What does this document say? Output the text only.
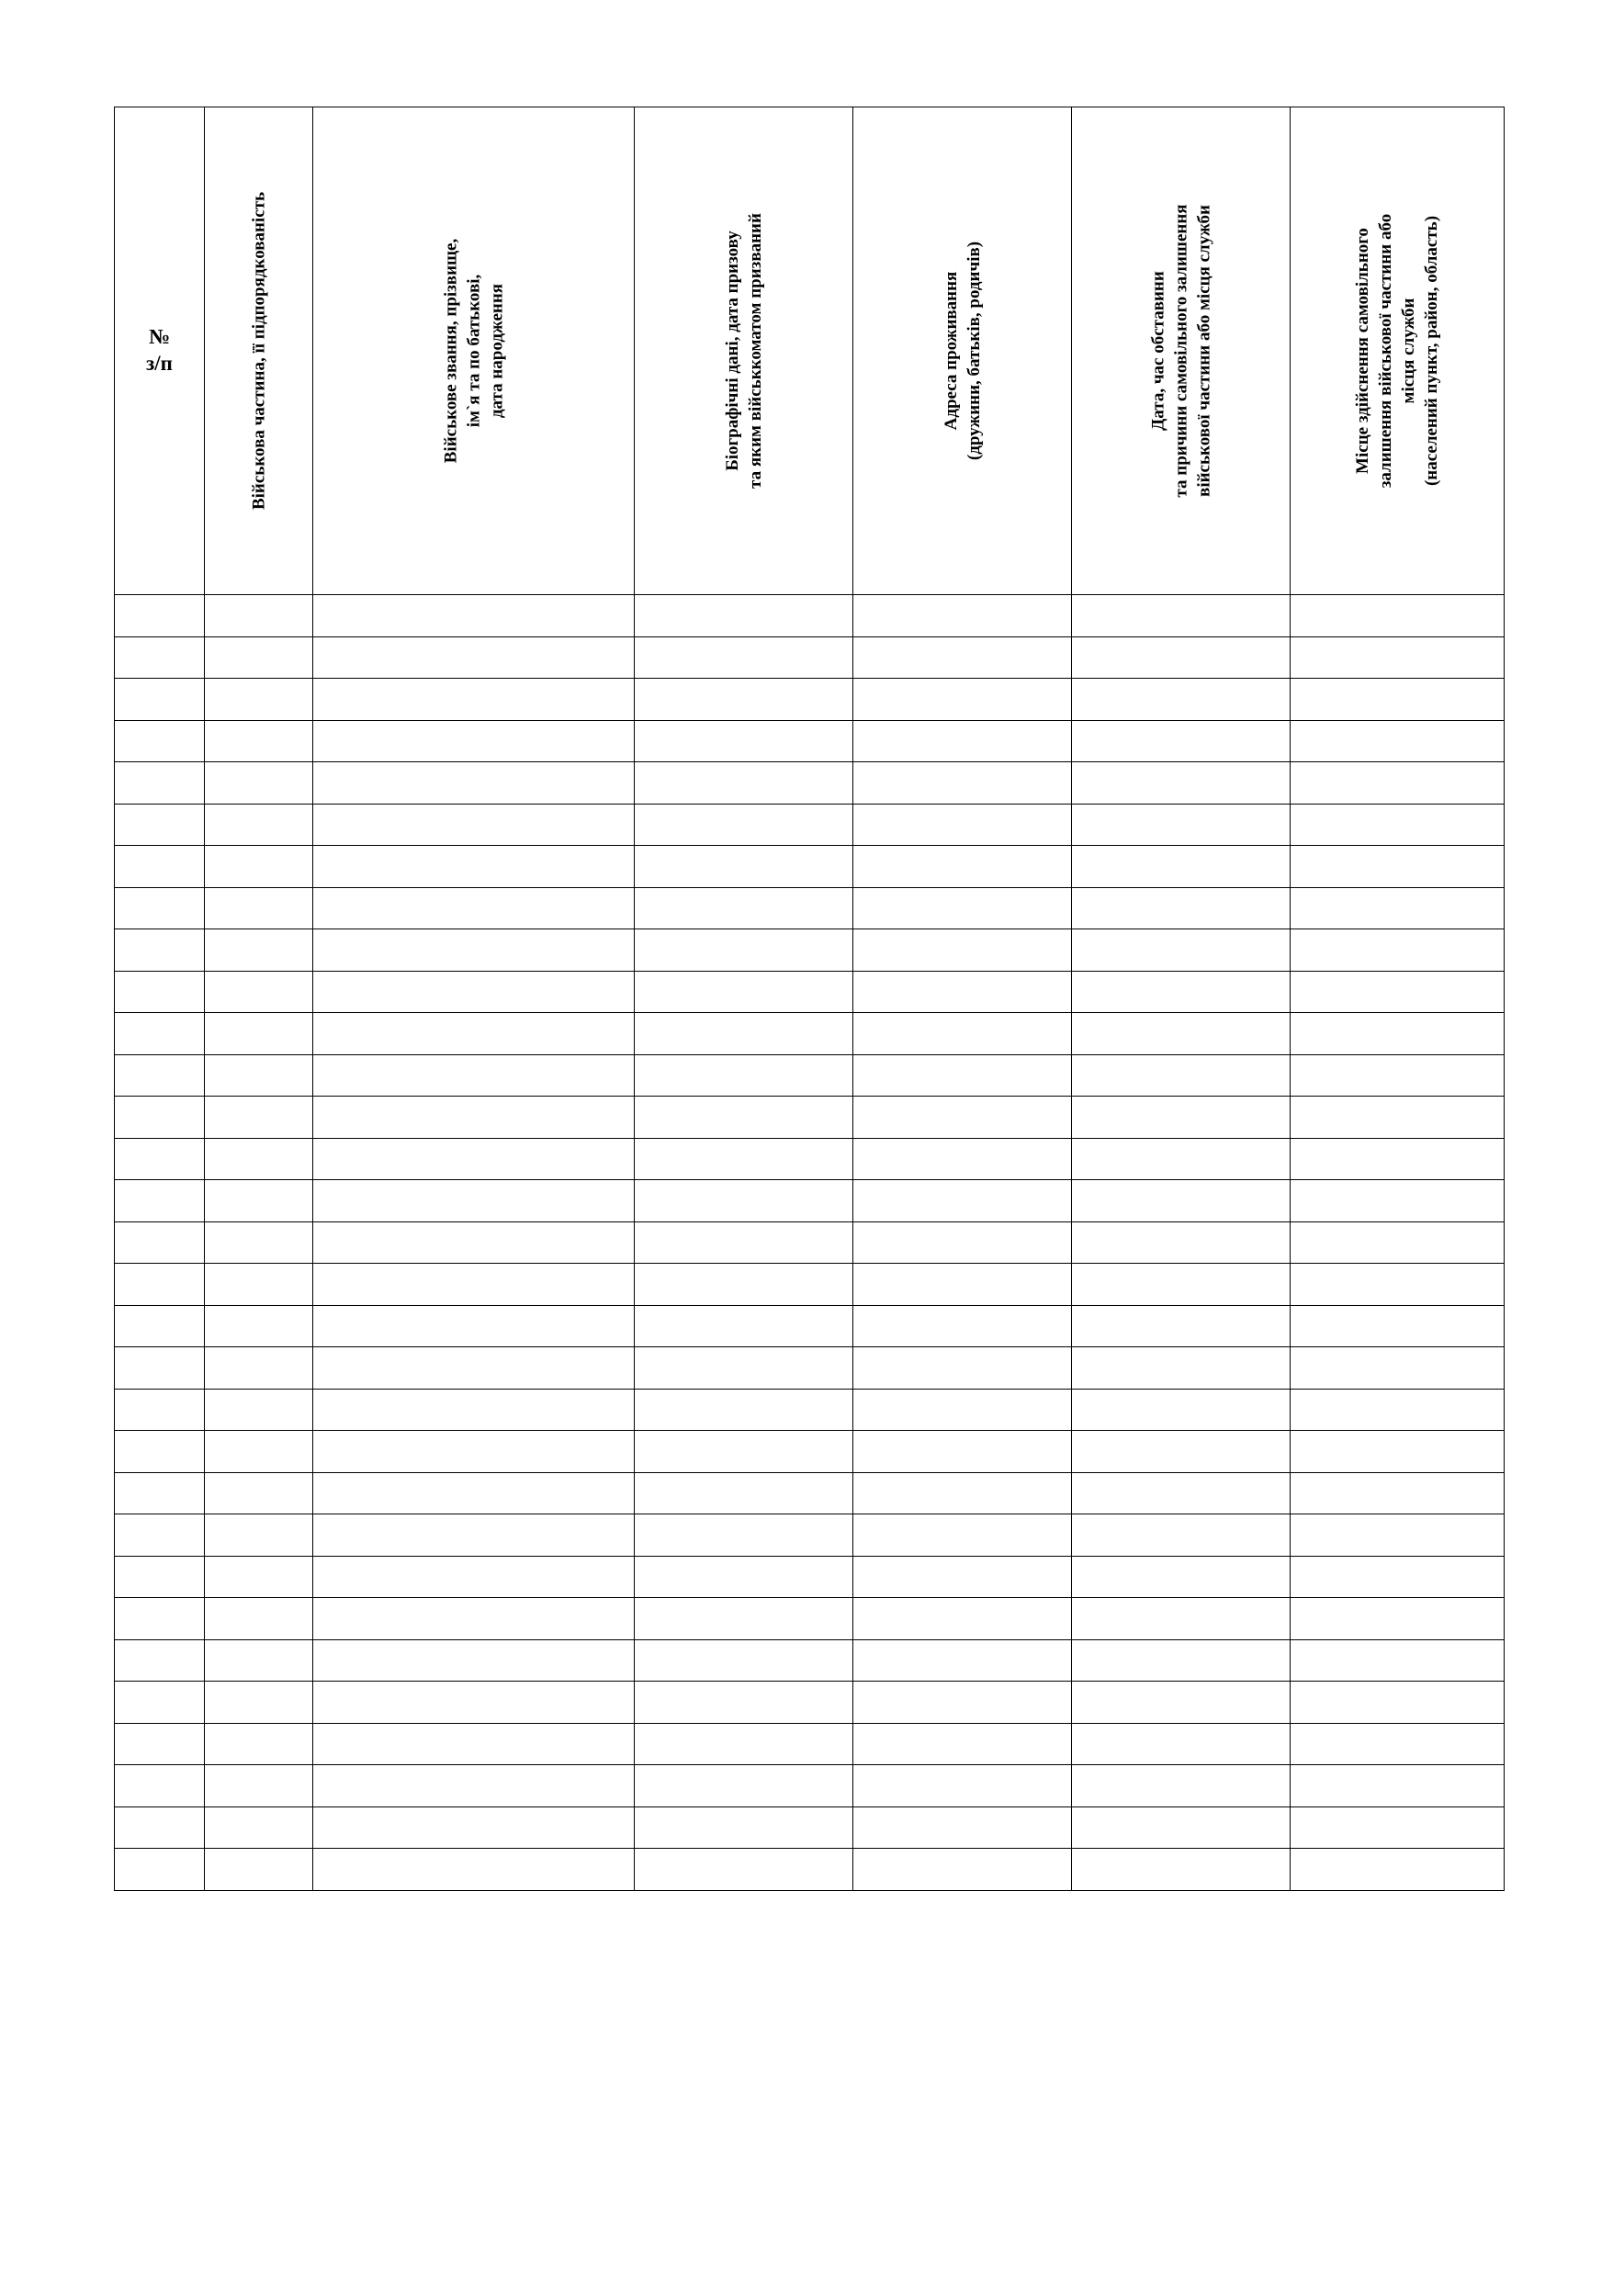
№
з/п	Військова частина, її підпорядкованість	Військове звання, прізвище, ім`я та по батькові, дата народження	Біографічні дані, дата призову та яким військкоматом призваний	Адреса проживання (дружини, батьків, родичів)	Дата, час обставини та причини самовільного залишення військової частини або місця служби	Місце здійснення самовільного залишення військової частини або місця служби (населений пункт, район, область)
